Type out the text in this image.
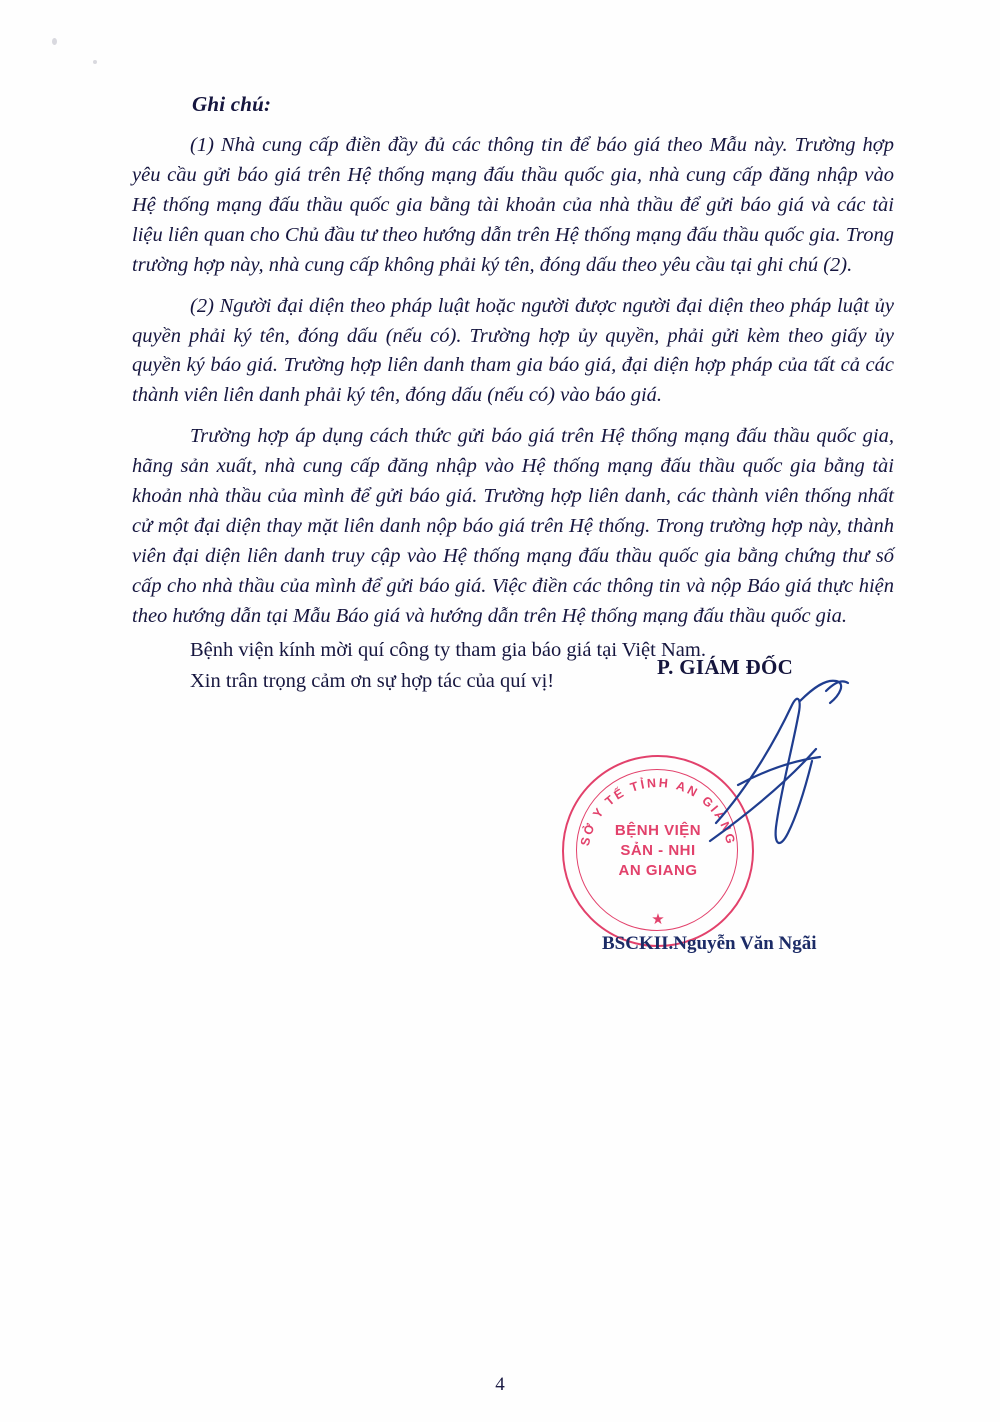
Ghi chú:

(1) Nhà cung cấp điền đầy đủ các thông tin để báo giá theo Mẫu này. Trường hợp yêu cầu gửi báo giá trên Hệ thống mạng đấu thầu quốc gia, nhà cung cấp đăng nhập vào Hệ thống mạng đấu thầu quốc gia bằng tài khoản của nhà thầu để gửi báo giá và các tài liệu liên quan cho Chủ đầu tư theo hướng dẫn trên Hệ thống mạng đấu thầu quốc gia. Trong trường hợp này, nhà cung cấp không phải ký tên, đóng dấu theo yêu cầu tại ghi chú (2).

(2) Người đại diện theo pháp luật hoặc người được người đại diện theo pháp luật ủy quyền phải ký tên, đóng dấu (nếu có). Trường hợp ủy quyền, phải gửi kèm theo giấy ủy quyền ký báo giá. Trường hợp liên danh tham gia báo giá, đại diện hợp pháp của tất cả các thành viên liên danh phải ký tên, đóng dấu (nếu có) vào báo giá.

Trường hợp áp dụng cách thức gửi báo giá trên Hệ thống mạng đấu thầu quốc gia, hãng sản xuất, nhà cung cấp đăng nhập vào Hệ thống mạng đấu thầu quốc gia bằng tài khoản nhà thầu của mình để gửi báo giá. Trường hợp liên danh, các thành viên thống nhất cử một đại diện thay mặt liên danh nộp báo giá trên Hệ thống. Trong trường hợp này, thành viên đại diện liên danh truy cập vào Hệ thống mạng đấu thầu quốc gia bằng chứng thư số cấp cho nhà thầu của mình để gửi báo giá. Việc điền các thông tin và nộp Báo giá thực hiện theo hướng dẫn tại Mẫu Báo giá và hướng dẫn trên Hệ thống mạng đấu thầu quốc gia.

Bệnh viện kính mời quí công ty tham gia báo giá tại Việt Nam.

Xin trân trọng cảm ơn sự hợp tác của quí vị!

P. GIÁM ĐỐC
SỞ Y TẾ TỈNH AN GIANG
BỆNH VIỆN
SẢN - NHI
AN GIANG
★
BSCKII.Nguyễn Văn Ngãi
4
